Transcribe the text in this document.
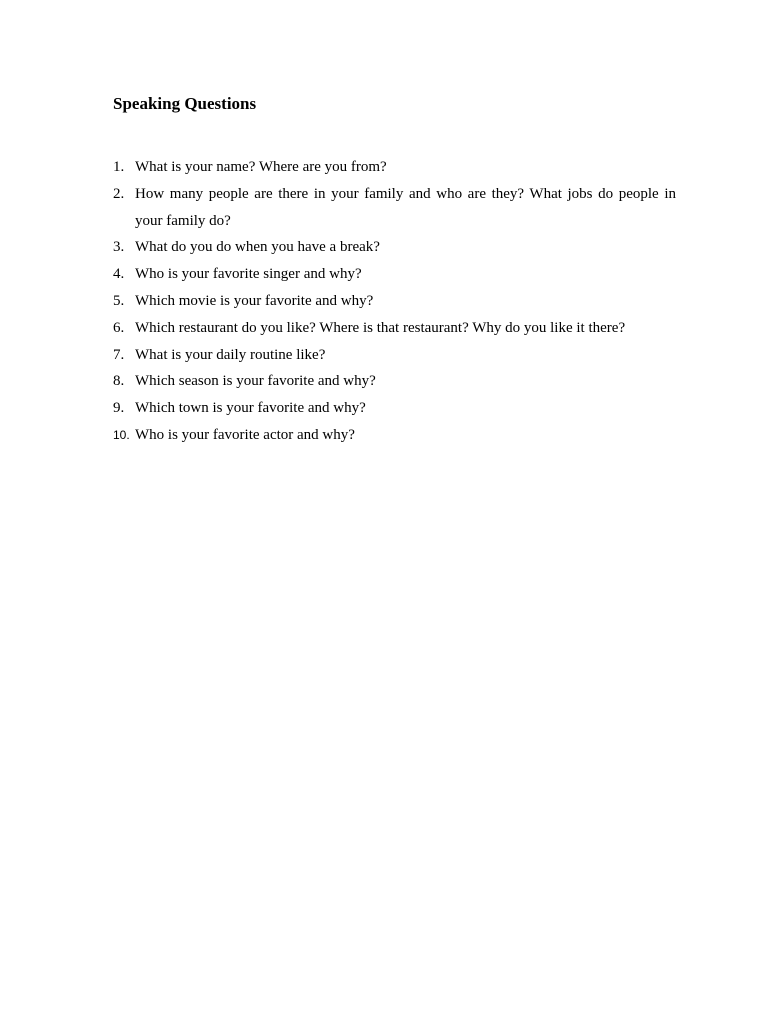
Speaking Questions
1. What is your name? Where are you from?
2. How many people are there in your family and who are they? What jobs do people in your family do?
3. What do you do when you have a break?
4. Who is your favorite singer and why?
5. Which movie is your favorite and why?
6. Which restaurant do you like? Where is that restaurant? Why do you like it there?
7. What is your daily routine like?
8. Which season is your favorite and why?
9. Which town is your favorite and why?
10. Who is your favorite actor and why?
